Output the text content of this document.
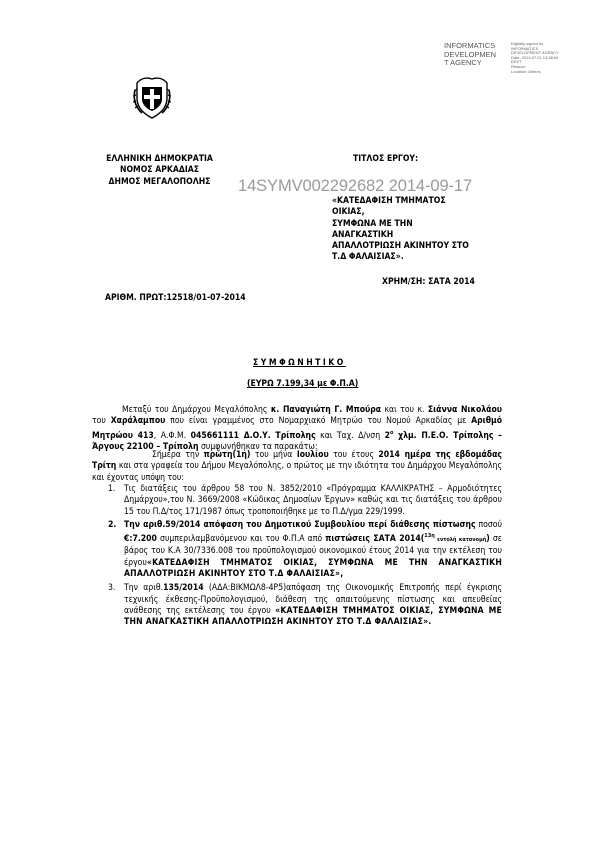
INFORMATICS
DEVELOPMEN
T AGENCY
Digitally signed by
INFORMATICS
DEVELOPMENT AGENCY
Date: 2014.07.01 13:38:04
EEST
Reason:
Location: Athens
ΕΛΛΗΝΙΚΗ ΔΗΜΟΚΡΑΤΙΑ
ΝΟΜΟΣ ΑΡΚΑΔΙΑΣ
ΔΗΜΟΣ ΜΕΓΑΛΟΠΟΛΗΣ
ΤΙΤΛΟΣ ΕΡΓΟΥ:
14SYMV002292682 2014-09-17
«ΚΑΤΕΔΑΦΙΣΗ ΤΜΗΜΑΤΟΣ ΟΙΚΙΑΣ,
ΣΥΜΦΩΝΑ ΜΕ ΤΗΝ ΑΝΑΓΚΑΣΤΙΚΗ
ΑΠΑΛΛΟΤΡΙΩΣΗ ΑΚΙΝΗΤΟΥ ΣΤΟ
Τ.Δ ΦΑΛΑΙΣΙΑΣ».
ΧΡΗΜ/ΣΗ: ΣΑΤΑ 2014
ΑΡΙΘΜ. ΠΡΩΤ:12518/01-07-2014
ΣΥΜΦΩΝΗΤΙΚΟ
(ΕΥΡΩ 7.199,34 με Φ.Π.Α)

Μεταξύ του Δημάρχου Μεγαλόπολης κ. Παναγιώτη Γ. Μπούρα και του κ. Σιάννα Νικολάου του Χαράλαμπου που είναι γραμμένος στο Νομαρχιακό Μητρώο του Νομού Αρκαδίας με Αριθμό Μητρώου 413, Α.Φ.Μ. 045661111 Δ.Ο.Υ. Τρίπολης και Ταχ. Δ/νση $2^o$ χλμ. Π.Ε.Ο. Τρίπολης – Άργους 22100 – Τρίπολη συμφωνήθηκαν τα παρακάτω:

Σήμερα την πρώτη(1η) του μήνα Ιουλίου του έτους 2014 ημέρα της εβδομάδας Τρίτη και στα γραφεία του Δήμου Μεγαλόπολης, ο πρώτος με την ιδιότητα του Δημάρχου Μεγαλόπολης και έχοντας υπόψη του:

1. Τις διατάξεις του άρθρου 58 του Ν. 3852/2010 «Πρόγραμμα ΚΑΛΛΙΚΡΑΤΗΣ – Αρμοδιότητες Δημάρχου»,του Ν. 3669/2008 «Κώδικας Δημοσίων Έργων» καθώς και τις διατάξεις του άρθρου 15 του Π.Δ/τος 171/1987 όπως τροποποιήθηκε με το Π.Δ/γμα 229/1999.

2. Την αριθ.59/2014 απόφαση του Δημοτικού Συμβουλίου περί διάθεσης πίστωσης ποσού €:7.200 συμπεριλαμβανόμενου και του Φ.Π.Α από πιστώσεις ΣΑΤΑ 2014($^{13\eta}$ εντολή κατανομή) σε βάρος του Κ.Α 30/7336.008 του προϋπολογισμού οικονομικού έτους 2014 για την εκτέλεση του έργου«ΚΑΤΕΔΑΦΙΣΗ ΤΜΗΜΑΤΟΣ ΟΙΚΙΑΣ, ΣΥΜΦΩΝΑ ΜΕ ΤΗΝ ΑΝΑΓΚΑΣΤΙΚΗ ΑΠΑΛΛΟΤΡΙΩΣΗ ΑΚΙΝΗΤΟΥ ΣΤΟ Τ.Δ ΦΑΛΑΙΣΙΑΣ»,

3. Την αριθ.135/2014 (ΑΔΑ:ΒΙΚΜΩΛ8-4Ρ5)απόφαση της Οικονομικής Επιτροπής περί έγκρισης τεχνικής έκθεσης-Προϋπολογισμού, διάθεση της απαιτούμενης πίστωσης και απευθείας ανάθεσης της εκτέλεσης του έργου «ΚΑΤΕΔΑΦΙΣΗ ΤΜΗΜΑΤΟΣ ΟΙΚΙΑΣ, ΣΥΜΦΩΝΑ ΜΕ ΤΗΝ ΑΝΑΓΚΑΣΤΙΚΗ ΑΠΑΛΛΟΤΡΙΩΣΗ ΑΚΙΝΗΤΟΥ ΣΤΟ Τ.Δ ΦΑΛΑΙΣΙΑΣ».
